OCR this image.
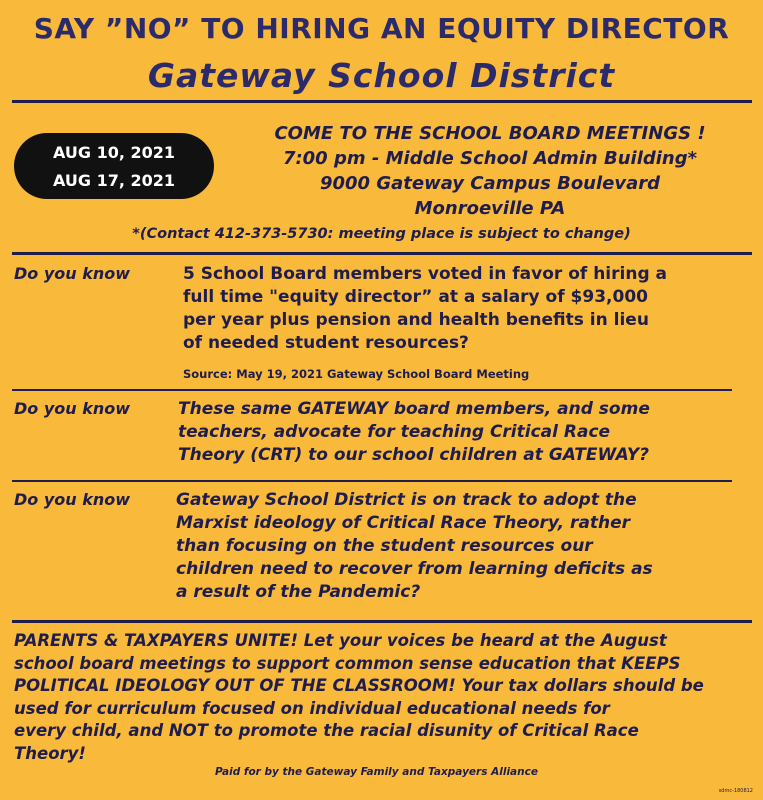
SAY ”NO” TO HIRING AN EQUITY DIRECTOR
Gateway School District
AUG 10, 2021
AUG 17, 2021
COME TO THE SCHOOL BOARD MEETINGS !
7:00 pm - Middle School Admin Building*
9000 Gateway Campus Boulevard
Monroeville PA
*(Contact 412-373-5730: meeting place is subject to change)
Do you know	5 School Board members voted in favor of hiring a
full time "equity director” at a salary of $93,000
per year plus pension and health benefits in lieu
of needed student resources?
Source: May 19, 2021 Gateway School Board Meeting
Do you know	These same GATEWAY board members, and some
teachers, advocate for teaching Critical Race
Theory (CRT) to our school children at GATEWAY?
Do you know	Gateway School District is on track to adopt the
Marxist ideology of Critical Race Theory, rather
than focusing on the student resources our
children need to recover from learning deficits as
a result of the Pandemic?
PARENTS & TAXPAYERS UNITE! Let your voices be heard at the August
school board meetings to support common sense education that KEEPS
POLITICAL IDEOLOGY OUT OF THE CLASSROOM! Your tax dollars should be
used for curriculum focused on individual educational needs for
every child, and NOT to promote the racial disunity of Critical Race
Theory!
Paid for by the Gateway Family and Taxpayers Alliance
sdmc-180812
